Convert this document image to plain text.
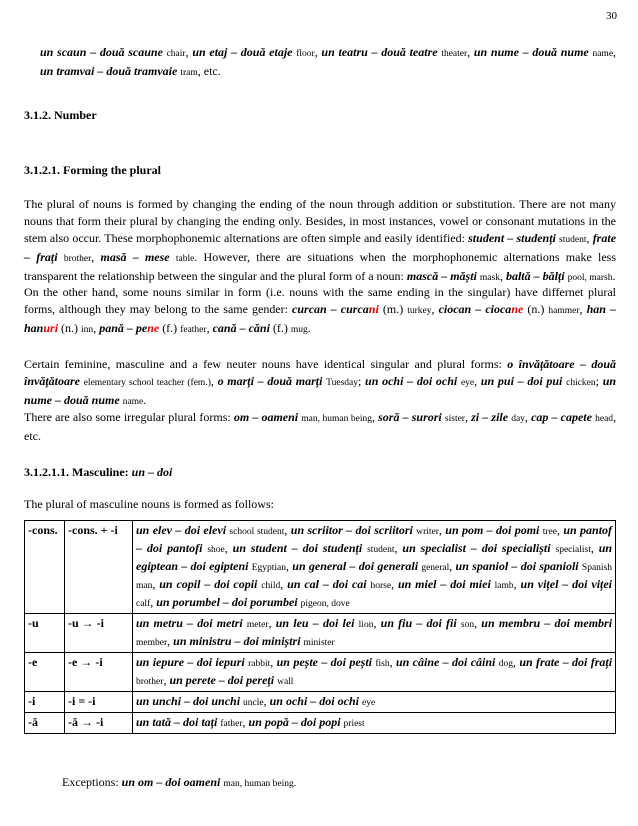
30
un scaun – două scaune chair, un etaj – două etaje floor, un teatru – două teatre theater, un nume – două nume name, un tramvai – două tramvaie tram, etc.
3.1.2. Number
3.1.2.1. Forming the plural
The plural of nouns is formed by changing the ending of the noun through addition or substitution. There are not many nouns that form their plural by changing the ending only. Besides, in most instances, vowel or consonant mutations in the stem also occur. These morphophonemic alternations are often simple and easily identified: student – studenți student, frate – frați brother, masă – mese table. However, there are situations when the morphophonemic alternations make less transparent the relationship between the singular and the plural form of a noun: mască – măști mask, baltă – bălți pool, marsh.
On the other hand, some nouns similar in form (i.e. nouns with the same ending in the singular) have differnet plural forms, although they may belong to the same gender: curcan – curcani (m.) turkey, ciocan – ciocane (n.) hammer, han – hanuri (n.) inn, pană – pene (f.) feather, cană – căni (f.) mug.
Certain feminine, masculine and a few neuter nouns have identical singular and plural forms: o învățătoare – două învățătoare elementary school teacher (fem.), o marți – două marți Tuesday; un ochi – doi ochi eye, un pui – doi pui chicken; un nume – două nume name.
There are also some irregular plural forms: om – oameni man, human being, soră – surori sister, zi – zile day, cap – capete head, etc.
3.1.2.1.1. Masculine: un – doi
The plural of masculine nouns is formed as follows:
-cons.	-cons. + -i	un elev – doi elevi school student, un scriitor – doi scriitori writer, un pom – doi pomi tree, un pantof – doi pantofi shoe, un student – doi studenți student, un specialist – doi specialiști specialist, un egiptean – doi egipteni Egyptian, un general – doi generali general, un spaniol – doi spanioli Spanish man, un copil – doi copii child, un cal – doi cai horse, un miel – doi miei lamb, un vițel – doi viței calf, un porumbel – doi porumbei pigeon, dove
-u	-u → -i	un metru – doi metri meter, un leu – doi lei lion, un fiu – doi fii son, un membru – doi membri member, un ministru – doi miniștri minister
-e	-e → -i	un iepure – doi iepuri rabbit, un pește – doi pești fish, un câine – doi câini dog, un frate – doi frați brother, un perete – doi pereți wall
-i	-i = -i	un unchi – doi unchi uncle, un ochi – doi ochi eye
-ă	-ă → -i	un tată – doi tați father, un popă – doi popi priest
Exceptions: un om – doi oameni man, human being.
